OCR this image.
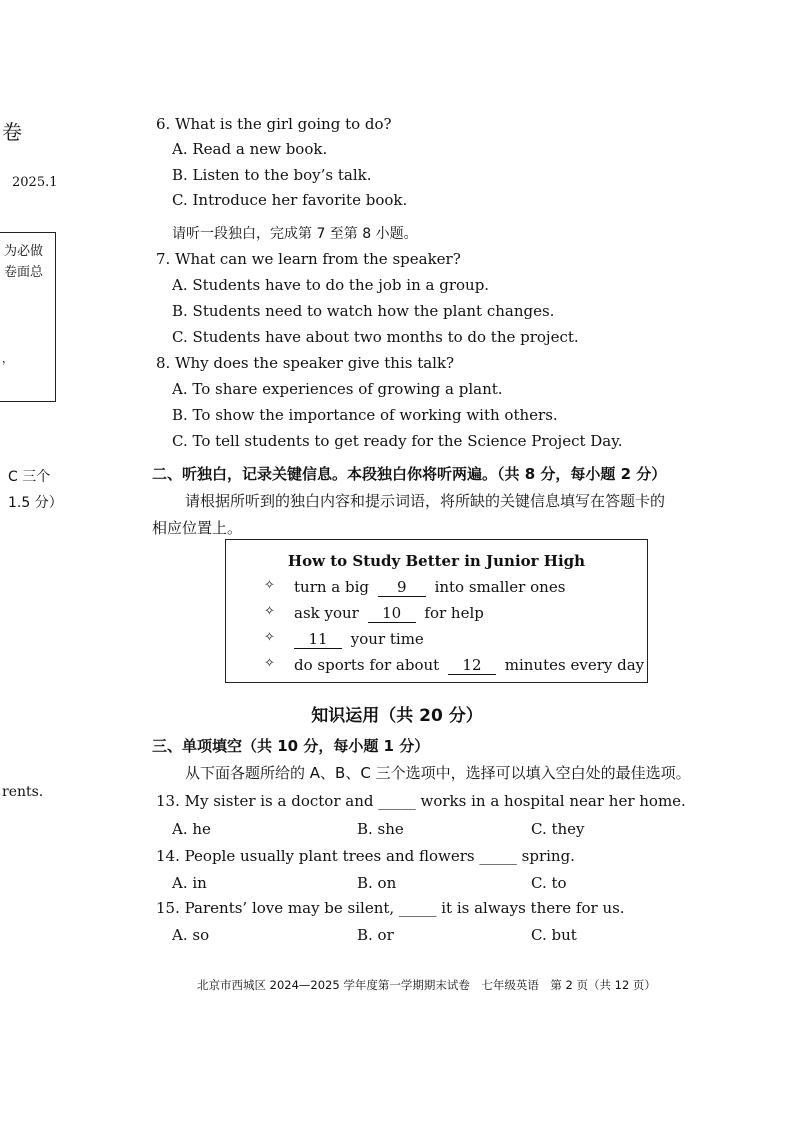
卷
2025.1
为必做
卷面总
，
C 三个
1.5 分）
rents.
6. What is the girl going to do?
A. Read a new book.
B. Listen to the boy’s talk.
C. Introduce her favorite book.
请听一段独白，完成第 7 至第 8 小题。
7. What can we learn from the speaker?
A. Students have to do the job in a group.
B. Students need to watch how the plant changes.
C. Students have about two months to do the project.
8. Why does the speaker give this talk?
A. To share experiences of growing a plant.
B. To show the importance of working with others.
C. To tell students to get ready for the Science Project Day.
二、听独白，记录关键信息。本段独白你将听两遍。（共 8 分，每小题 2 分）
请根据所听到的独白内容和提示词语，将所缺的关键信息填写在答题卡的
相应位置上。
How to Study Better in Junior High
✧ turn a big 9 into smaller ones
✧ ask your 10 for help
✧ 11 your time
✧ do sports for about 12 minutes every day
知识运用（共 20 分）
三、单项填空（共 10 分，每小题 1 分）
从下面各题所给的 A、B、C 三个选项中，选择可以填入空白处的最佳选项。
13. My sister is a doctor and _____ works in a hospital near her home.
A. he	B. she	C. they
14. People usually plant trees and flowers _____ spring.
A. in	B. on	C. to
15. Parents’ love may be silent, _____ it is always there for us.
A. so	B. or	C. but
北京市西城区 2024—2025 学年度第一学期期末试卷　七年级英语　第 2 页（共 12 页）
